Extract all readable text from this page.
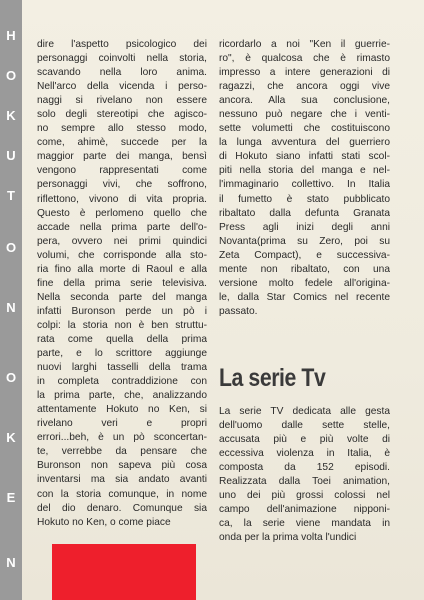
H
O
K
U
T
O
N
O
K
E
N
dire l'aspetto psicologico dei
personaggi coinvolti nella storia,
scavando nella loro anima.
Nell'arco della vicenda i perso-
naggi si rivelano non essere
solo degli stereotipi che agisco-
no sempre allo stesso modo,
come, ahimè, succede per la
maggior parte dei manga, bensì
vengono rappresentati come
personaggi vivi, che soffrono,
riflettono, vivono di vita propria.
Questo è perlomeno quello che
accade nella prima parte dell'o-
pera, ovvero nei primi quindici
volumi, che corrisponde alla sto-
ria fino alla morte di Raoul e alla
fine della prima serie televisiva.
Nella seconda parte del manga
infatti Buronson perde un pò i
colpi: la storia non è ben struttu-
rata come quella della prima
parte, e lo scrittore aggiunge
nuovi larghi tasselli della trama
in completa contraddizione con
la prima parte, che, analizzando
attentamente Hokuto no Ken, si
rivelano veri e propri
errori...beh, è un pò sconcertan-
te, verrebbe da pensare che
Buronson non sapeva più cosa
inventarsi ma sia andato avanti
con la storia comunque, in nome
del dio denaro. Comunque sia
Hokuto no Ken, o come piace
ricordarlo a noi "Ken il guerrie-
ro", è qualcosa che è rimasto
impresso a intere generazioni di
ragazzi, che ancora oggi vive
ancora. Alla sua conclusione,
nessuno può negare che i venti-
sette volumetti che costituiscono
la lunga avventura del guerriero
di Hokuto siano infatti stati scol-
piti nella storia del manga e nel-
l'immaginario collettivo. In Italia
il fumetto è stato pubblicato
ribaltato dalla defunta Granata
Press agli inizi degli anni
Novanta(prima su Zero, poi su
Zeta Compact), e successiva-
mente non ribaltato, con una
versione molto fedele all'origina-
le, dalla Star Comics nel recente
passato.
La serie Tv
La serie TV dedicata alle gesta
dell'uomo dalle sette stelle,
accusata più e più volte di
eccessiva violenza in Italia, è
composta da 152 episodi.
Realizzata dalla Toei animation,
uno dei più grossi colossi nel
campo dell'animazione nipponi-
ca, la serie viene mandata in
onda per la prima volta l'undici
